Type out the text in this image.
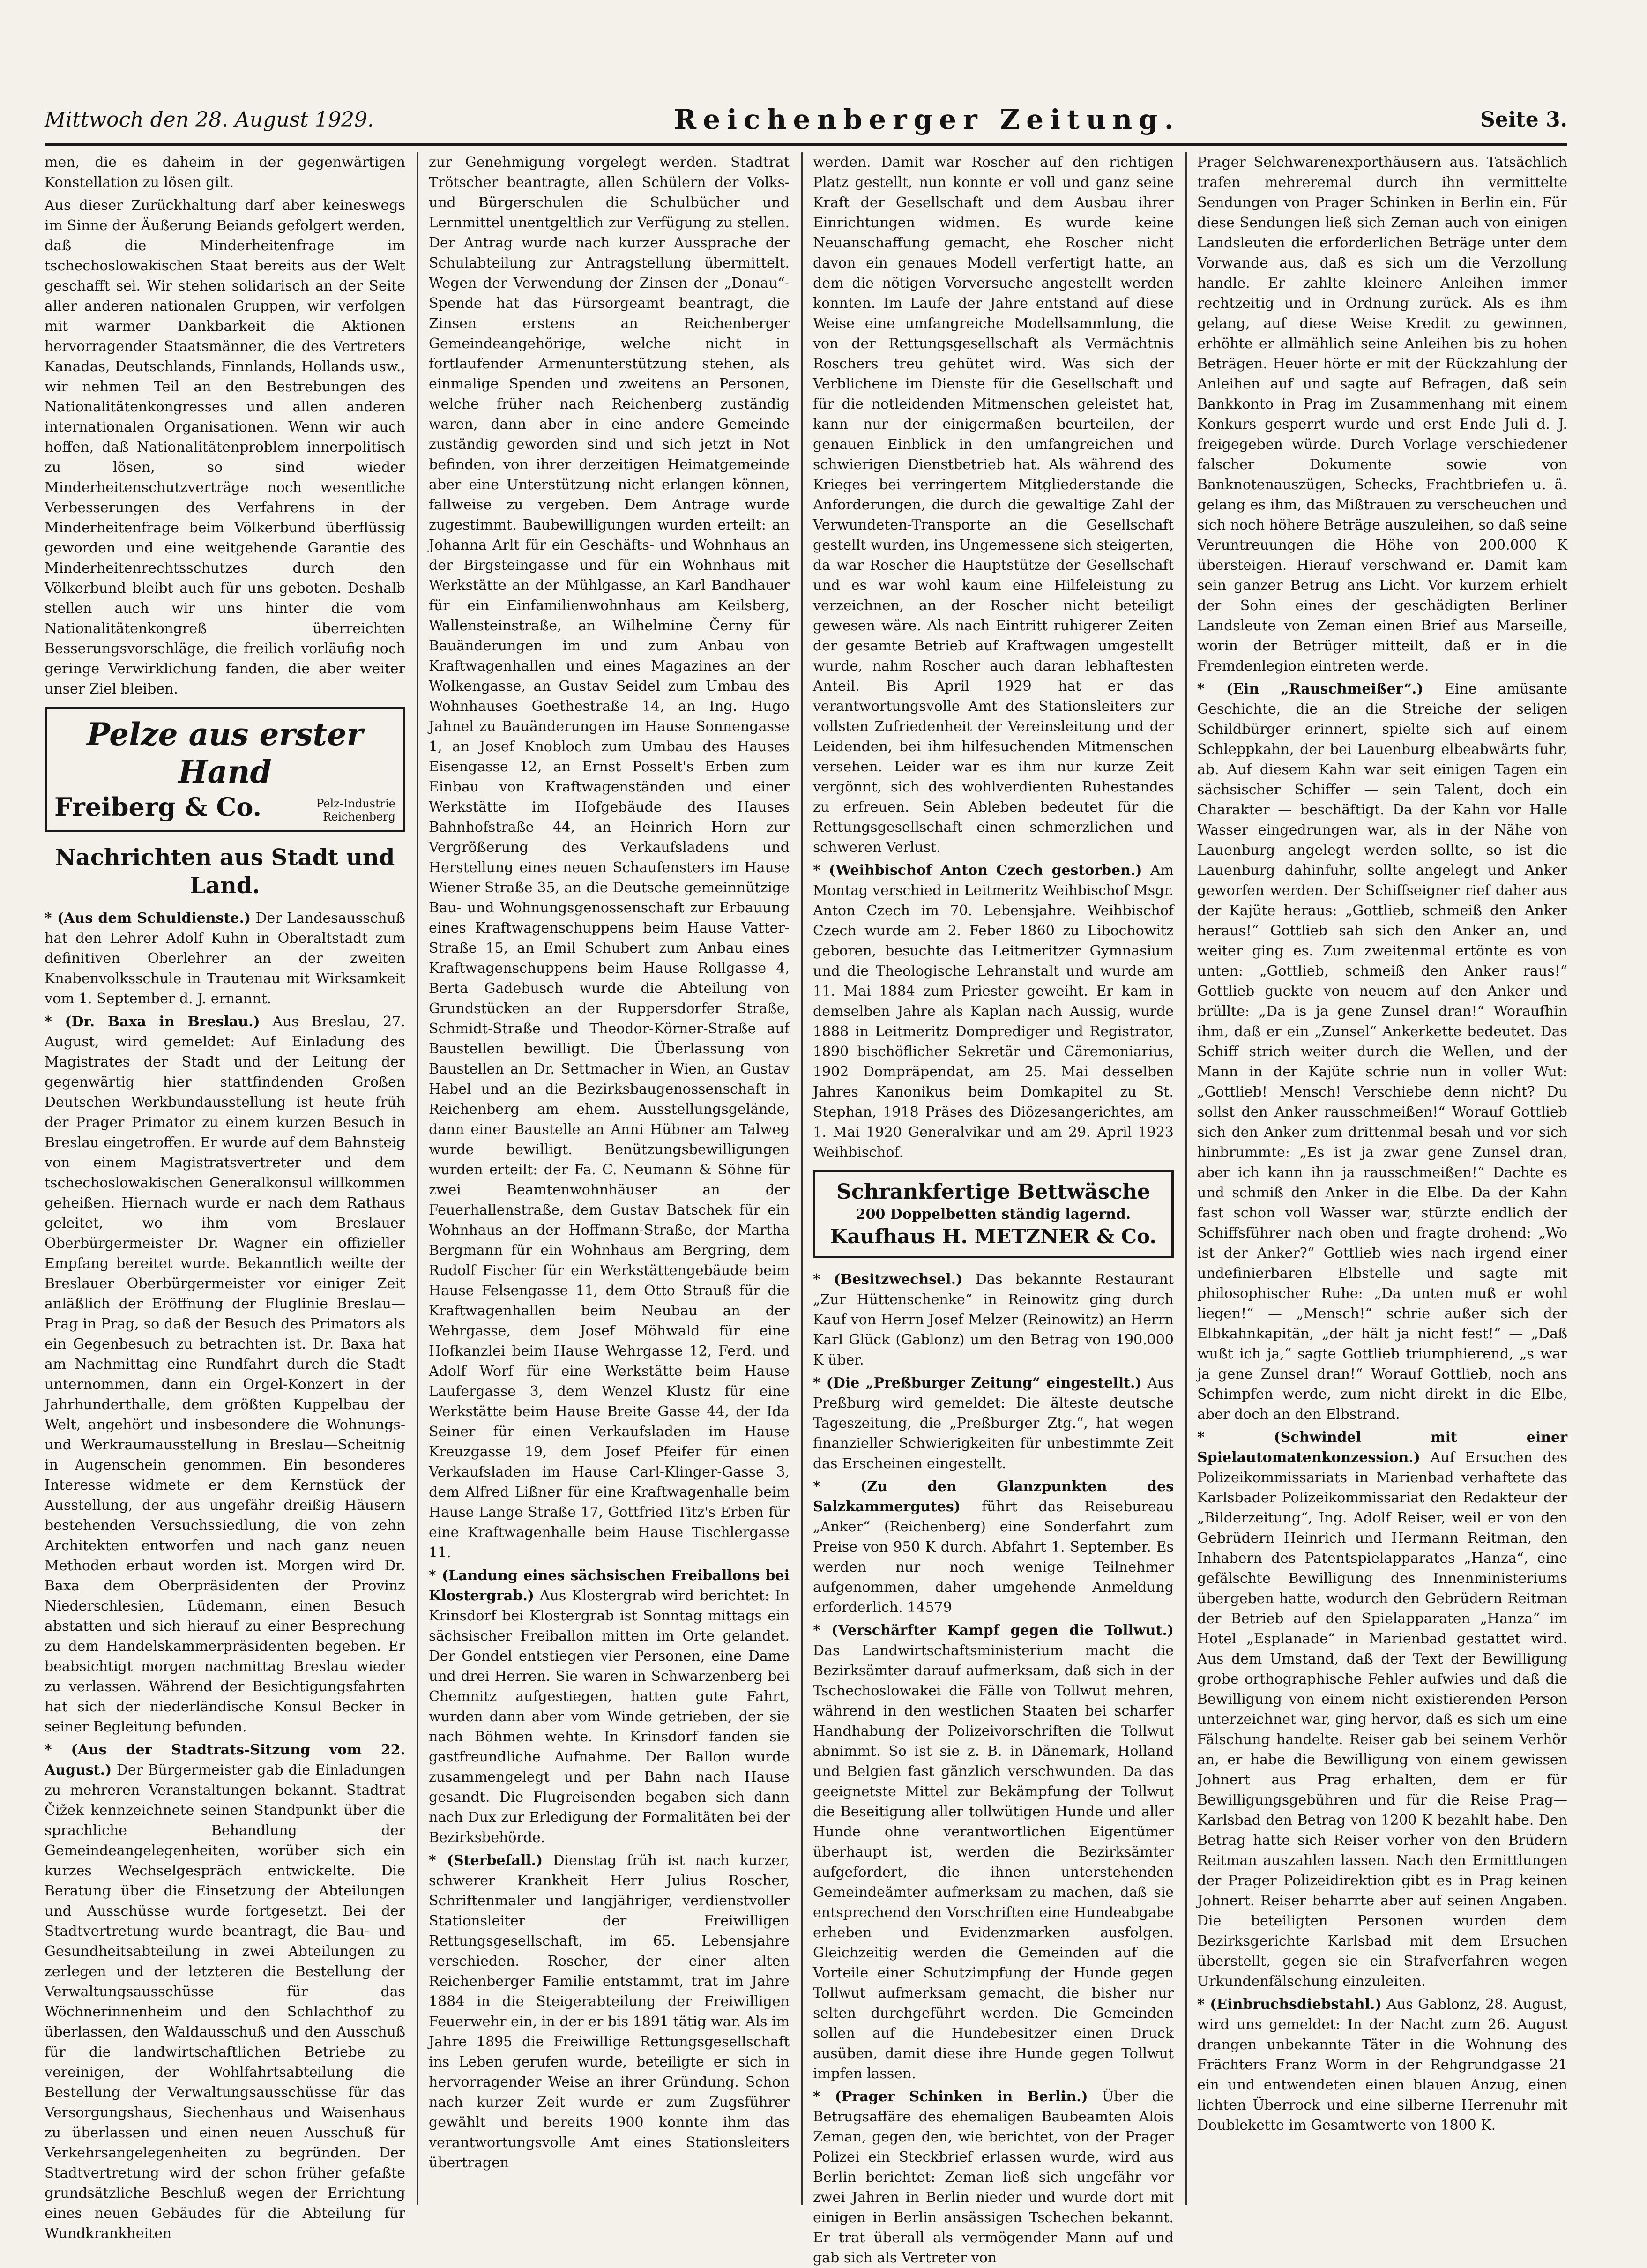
Mittwoch den 28. August 1929.	Reichenberger Zeitung.	Seite 3.

men, die es daheim in der gegenwärtigen Konstellation zu lösen gilt.

Aus dieser Zurückhaltung darf aber keineswegs im Sinne der Äußerung Beiands gefolgert werden, daß die Minderheitenfrage im tschechoslowakischen Staat bereits aus der Welt geschafft sei. Wir stehen solidarisch an der Seite aller anderen nationalen Gruppen, wir verfolgen mit warmer Dankbarkeit die Aktionen hervorragender Staatsmänner, die des Vertreters Kanadas, Deutschlands, Finnlands, Hollands usw., wir nehmen Teil an den Bestrebungen des Nationalitätenkongresses und allen anderen internationalen Organisationen. Wenn wir auch hoffen, daß Nationalitätenproblem innerpolitisch zu lösen, so sind wieder Minderheitenschutzverträge noch wesentliche Verbesserungen des Verfahrens in der Minderheitenfrage beim Völkerbund überflüssig geworden und eine weitgehende Garantie des Minderheitenrechtsschutzes durch den Völkerbund bleibt auch für uns geboten. Deshalb stellen auch wir uns hinter die vom Nationalitätenkongreß überreichten Besserungsvorschläge, die freilich vorläufig noch geringe Verwirklichung fanden, die aber weiter unser Ziel bleiben.

Pelze aus erster Hand
Freiberg & Co.	Pelz-Industrie
Reichenberg
Nachrichten aus Stadt und Land.

* (Aus dem Schuldienste.) Der Landesausschuß hat den Lehrer Adolf Kuhn in Oberaltstadt zum definitiven Oberlehrer an der zweiten Knabenvolksschule in Trautenau mit Wirksamkeit vom 1. September d. J. ernannt.

* (Dr. Baxa in Breslau.) Aus Breslau, 27. August, wird gemeldet: Auf Einladung des Magistrates der Stadt und der Leitung der gegenwärtig hier stattfindenden Großen Deutschen Werkbundausstellung ist heute früh der Prager Primator zu einem kurzen Besuch in Breslau eingetroffen. Er wurde auf dem Bahnsteig von einem Magistratsvertreter und dem tschechoslowakischen Generalkonsul willkommen geheißen. Hiernach wurde er nach dem Rathaus geleitet, wo ihm vom Breslauer Oberbürgermeister Dr. Wagner ein offizieller Empfang bereitet wurde. Bekanntlich weilte der Breslauer Oberbürgermeister vor einiger Zeit anläßlich der Eröffnung der Fluglinie Breslau—Prag in Prag, so daß der Besuch des Primators als ein Gegenbesuch zu betrachten ist. Dr. Baxa hat am Nachmittag eine Rundfahrt durch die Stadt unternommen, dann ein Orgel-Konzert in der Jahrhunderthalle, dem größten Kuppelbau der Welt, angehört und insbesondere die Wohnungs- und Werkraumausstellung in Breslau—Scheitnig in Augenschein genommen. Ein besonderes Interesse widmete er dem Kernstück der Ausstellung, der aus ungefähr dreißig Häusern bestehenden Versuchssiedlung, die von zehn Architekten entworfen und nach ganz neuen Methoden erbaut worden ist. Morgen wird Dr. Baxa dem Oberpräsidenten der Provinz Niederschlesien, Lüdemann, einen Besuch abstatten und sich hierauf zu einer Besprechung zu dem Handelskammerpräsidenten begeben. Er beabsichtigt morgen nachmittag Breslau wieder zu verlassen. Während der Besichtigungsfahrten hat sich der niederländische Konsul Becker in seiner Begleitung befunden.

* (Aus der Stadtrats-Sitzung vom 22. August.) Der Bürgermeister gab die Einladungen zu mehreren Veranstaltungen bekannt. Stadtrat Čižek kennzeichnete seinen Standpunkt über die sprachliche Behandlung der Gemeindeangelegenheiten, worüber sich ein kurzes Wechselgespräch entwickelte. Die Beratung über die Einsetzung der Abteilungen und Ausschüsse wurde fortgesetzt. Bei der Stadtvertretung wurde beantragt, die Bau- und Gesundheitsabteilung in zwei Abteilungen zu zerlegen und der letzteren die Bestellung der Verwaltungsausschüsse für das Wöchnerinnenheim und den Schlachthof zu überlassen, den Waldausschuß und den Ausschuß für die landwirtschaftlichen Betriebe zu vereinigen, der Wohlfahrtsabteilung die Bestellung der Verwaltungsausschüsse für das Versorgungshaus, Siechenhaus und Waisenhaus zu überlassen und einen neuen Ausschuß für Verkehrsangelegenheiten zu begründen. Der Stadtvertretung wird der schon früher gefaßte grundsätzliche Beschluß wegen der Errichtung eines neuen Gebäudes für die Abteilung für Wundkrankheiten

zur Genehmigung vorgelegt werden. Stadtrat Trötscher beantragte, allen Schülern der Volks- und Bürgerschulen die Schulbücher und Lernmittel unentgeltlich zur Verfügung zu stellen. Der Antrag wurde nach kurzer Aussprache der Schulabteilung zur Antragstellung übermittelt. Wegen der Verwendung der Zinsen der „Donau“-Spende hat das Fürsorgeamt beantragt, die Zinsen erstens an Reichenberger Gemeindeangehörige, welche nicht in fortlaufender Armenunterstützung stehen, als einmalige Spenden und zweitens an Personen, welche früher nach Reichenberg zuständig waren, dann aber in eine andere Gemeinde zuständig geworden sind und sich jetzt in Not befinden, von ihrer derzeitigen Heimatgemeinde aber eine Unterstützung nicht erlangen können, fallweise zu vergeben. Dem Antrage wurde zugestimmt. Baubewilligungen wurden erteilt: an Johanna Arlt für ein Geschäfts- und Wohnhaus an der Birgsteingasse und für ein Wohnhaus mit Werkstätte an der Mühlgasse, an Karl Bandhauer für ein Einfamilienwohnhaus am Keilsberg, Wallensteinstraße, an Wilhelmine Černy für Bauänderungen im und zum Anbau von Kraftwagenhallen und eines Magazines an der Wolkengasse, an Gustav Seidel zum Umbau des Wohnhauses Goethestraße 14, an Ing. Hugo Jahnel zu Bauänderungen im Hause Sonnengasse 1, an Josef Knobloch zum Umbau des Hauses Eisengasse 12, an Ernst Posselt's Erben zum Einbau von Kraftwagenständen und einer Werkstätte im Hofgebäude des Hauses Bahnhofstraße 44, an Heinrich Horn zur Vergrößerung des Verkaufsladens und Herstellung eines neuen Schaufensters im Hause Wiener Straße 35, an die Deutsche gemeinnützige Bau- und Wohnungsgenossenschaft zur Erbauung eines Kraftwagenschuppens beim Hause Vatter-Straße 15, an Emil Schubert zum Anbau eines Kraftwagenschuppens beim Hause Rollgasse 4, Berta Gadebusch wurde die Abteilung von Grundstücken an der Ruppersdorfer Straße, Schmidt-Straße und Theodor-Körner-Straße auf Baustellen bewilligt. Die Überlassung von Baustellen an Dr. Settmacher in Wien, an Gustav Habel und an die Bezirksbaugenossenschaft in Reichenberg am ehem. Ausstellungsgelände, dann einer Baustelle an Anni Hübner am Talweg wurde bewilligt. Benützungsbewilligungen wurden erteilt: der Fa. C. Neumann & Söhne für zwei Beamtenwohnhäuser an der Feuerhallenstraße, dem Gustav Batschek für ein Wohnhaus an der Hoffmann-Straße, der Martha Bergmann für ein Wohnhaus am Bergring, dem Rudolf Fischer für ein Werkstättengebäude beim Hause Felsengasse 11, dem Otto Strauß für die Kraftwagenhallen beim Neubau an der Wehrgasse, dem Josef Möhwald für eine Hofkanzlei beim Hause Wehrgasse 12, Ferd. und Adolf Worf für eine Werkstätte beim Hause Laufergasse 3, dem Wenzel Klustz für eine Werkstätte beim Hause Breite Gasse 44, der Ida Seiner für einen Verkaufsladen im Hause Kreuzgasse 19, dem Josef Pfeifer für einen Verkaufsladen im Hause Carl-Klinger-Gasse 3, dem Alfred Lißner für eine Kraftwagenhalle beim Hause Lange Straße 17, Gottfried Titz's Erben für eine Kraftwagenhalle beim Hause Tischlergasse 11.

* (Landung eines sächsischen Freiballons bei Klostergrab.) Aus Klostergrab wird berichtet: In Krinsdorf bei Klostergrab ist Sonntag mittags ein sächsischer Freiballon mitten im Orte gelandet. Der Gondel entstiegen vier Personen, eine Dame und drei Herren. Sie waren in Schwarzenberg bei Chemnitz aufgestiegen, hatten gute Fahrt, wurden dann aber vom Winde getrieben, der sie nach Böhmen wehte. In Krinsdorf fanden sie gastfreundliche Aufnahme. Der Ballon wurde zusammengelegt und per Bahn nach Hause gesandt. Die Flugreisenden begaben sich dann nach Dux zur Erledigung der Formalitäten bei der Bezirksbehörde.

* (Sterbefall.) Dienstag früh ist nach kurzer, schwerer Krankheit Herr Julius Roscher, Schriftenmaler und langjähriger, verdienstvoller Stationsleiter der Freiwilligen Rettungsgesellschaft, im 65. Lebensjahre verschieden. Roscher, der einer alten Reichenberger Familie entstammt, trat im Jahre 1884 in die Steigerabteilung der Freiwilligen Feuerwehr ein, in der er bis 1891 tätig war. Als im Jahre 1895 die Freiwillige Rettungsgesellschaft ins Leben gerufen wurde, beteiligte er sich in hervorragender Weise an ihrer Gründung. Schon nach kurzer Zeit wurde er zum Zugsführer gewählt und bereits 1900 konnte ihm das verantwortungsvolle Amt eines Stationsleiters übertragen

werden. Damit war Roscher auf den richtigen Platz gestellt, nun konnte er voll und ganz seine Kraft der Gesellschaft und dem Ausbau ihrer Einrichtungen widmen. Es wurde keine Neuanschaffung gemacht, ehe Roscher nicht davon ein genaues Modell verfertigt hatte, an dem die nötigen Vorversuche angestellt werden konnten. Im Laufe der Jahre entstand auf diese Weise eine umfangreiche Modellsammlung, die von der Rettungsgesellschaft als Vermächtnis Roschers treu gehütet wird. Was sich der Verblichene im Dienste für die Gesellschaft und für die notleidenden Mitmenschen geleistet hat, kann nur der einigermaßen beurteilen, der genauen Einblick in den umfangreichen und schwierigen Dienstbetrieb hat. Als während des Krieges bei verringertem Mitgliederstande die Anforderungen, die durch die gewaltige Zahl der Verwundeten-Transporte an die Gesellschaft gestellt wurden, ins Ungemessene sich steigerten, da war Roscher die Hauptstütze der Gesellschaft und es war wohl kaum eine Hilfeleistung zu verzeichnen, an der Roscher nicht beteiligt gewesen wäre. Als nach Eintritt ruhigerer Zeiten der gesamte Betrieb auf Kraftwagen umgestellt wurde, nahm Roscher auch daran lebhaftesten Anteil. Bis April 1929 hat er das verantwortungsvolle Amt des Stationsleiters zur vollsten Zufriedenheit der Vereinsleitung und der Leidenden, bei ihm hilfesuchenden Mitmenschen versehen. Leider war es ihm nur kurze Zeit vergönnt, sich des wohlverdienten Ruhestandes zu erfreuen. Sein Ableben bedeutet für die Rettungsgesellschaft einen schmerzlichen und schweren Verlust.

* (Weihbischof Anton Czech gestorben.) Am Montag verschied in Leitmeritz Weihbischof Msgr. Anton Czech im 70. Lebensjahre. Weihbischof Czech wurde am 2. Feber 1860 zu Libochowitz geboren, besuchte das Leitmeritzer Gymnasium und die Theologische Lehranstalt und wurde am 11. Mai 1884 zum Priester geweiht. Er kam in demselben Jahre als Kaplan nach Aussig, wurde 1888 in Leitmeritz Domprediger und Registrator, 1890 bischöflicher Sekretär und Cäremoniarius, 1902 Dompräpendat, am 25. Mai desselben Jahres Kanonikus beim Domkapitel zu St. Stephan, 1918 Präses des Diözesangerichtes, am 1. Mai 1920 Generalvikar und am 29. April 1923 Weihbischof.

Schrankfertige Bettwäsche
200 Doppelbetten ständig lagernd.
Kaufhaus H. METZNER & Co.

* (Besitzwechsel.) Das bekannte Restaurant „Zur Hüttenschenke“ in Reinowitz ging durch Kauf von Herrn Josef Melzer (Reinowitz) an Herrn Karl Glück (Gablonz) um den Betrag von 190.000 K über.

* (Die „Preßburger Zeitung“ eingestellt.) Aus Preßburg wird gemeldet: Die älteste deutsche Tageszeitung, die „Preßburger Ztg.“, hat wegen finanzieller Schwierigkeiten für unbestimmte Zeit das Erscheinen eingestellt.

* (Zu den Glanzpunkten des Salzkammergutes) führt das Reisebureau „Anker“ (Reichenberg) eine Sonderfahrt zum Preise von 950 K durch. Abfahrt 1. September. Es werden nur noch wenige Teilnehmer aufgenommen, daher umgehende Anmeldung erforderlich. 14579

* (Verschärfter Kampf gegen die Tollwut.) Das Landwirtschaftsministerium macht die Bezirksämter darauf aufmerksam, daß sich in der Tschechoslowakei die Fälle von Tollwut mehren, während in den westlichen Staaten bei scharfer Handhabung der Polizeivorschriften die Tollwut abnimmt. So ist sie z. B. in Dänemark, Holland und Belgien fast gänzlich verschwunden. Da das geeignetste Mittel zur Bekämpfung der Tollwut die Beseitigung aller tollwütigen Hunde und aller Hunde ohne verantwortlichen Eigentümer überhaupt ist, werden die Bezirksämter aufgefordert, die ihnen unterstehenden Gemeindeämter aufmerksam zu machen, daß sie entsprechend den Vorschriften eine Hundeabgabe erheben und Evidenzmarken ausfolgen. Gleichzeitig werden die Gemeinden auf die Vorteile einer Schutzimpfung der Hunde gegen Tollwut aufmerksam gemacht, die bisher nur selten durchgeführt werden. Die Gemeinden sollen auf die Hundebesitzer einen Druck ausüben, damit diese ihre Hunde gegen Tollwut impfen lassen.

* (Prager Schinken in Berlin.) Über die Betrugsaffäre des ehemaligen Baubeamten Alois Zeman, gegen den, wie berichtet, von der Prager Polizei ein Steckbrief erlassen wurde, wird aus Berlin berichtet: Zeman ließ sich ungefähr vor zwei Jahren in Berlin nieder und wurde dort mit einigen in Berlin ansässigen Tschechen bekannt. Er trat überall als vermögender Mann auf und gab sich als Vertreter von

Prager Selchwarenexporthäusern aus. Tatsächlich trafen mehreremal durch ihn vermittelte Sendungen von Prager Schinken in Berlin ein. Für diese Sendungen ließ sich Zeman auch von einigen Landsleuten die erforderlichen Beträge unter dem Vorwande aus, daß es sich um die Verzollung handle. Er zahlte kleinere Anleihen immer rechtzeitig und in Ordnung zurück. Als es ihm gelang, auf diese Weise Kredit zu gewinnen, erhöhte er allmählich seine Anleihen bis zu hohen Beträgen. Heuer hörte er mit der Rückzahlung der Anleihen auf und sagte auf Befragen, daß sein Bankkonto in Prag im Zusammenhang mit einem Konkurs gesperrt wurde und erst Ende Juli d. J. freigegeben würde. Durch Vorlage verschiedener falscher Dokumente sowie von Banknotenauszügen, Schecks, Frachtbriefen u. ä. gelang es ihm, das Mißtrauen zu verscheuchen und sich noch höhere Beträge auszuleihen, so daß seine Veruntreuungen die Höhe von 200.000 K übersteigen. Hierauf verschwand er. Damit kam sein ganzer Betrug ans Licht. Vor kurzem erhielt der Sohn eines der geschädigten Berliner Landsleute von Zeman einen Brief aus Marseille, worin der Betrüger mitteilt, daß er in die Fremdenlegion eintreten werde.

* (Ein „Rauschmeißer“.) Eine amüsante Geschichte, die an die Streiche der seligen Schildbürger erinnert, spielte sich auf einem Schleppkahn, der bei Lauenburg elbeabwärts fuhr, ab. Auf diesem Kahn war seit einigen Tagen ein sächsischer Schiffer — sein Talent, doch ein Charakter — beschäftigt. Da der Kahn vor Halle Wasser eingedrungen war, als in der Nähe von Lauenburg angelegt werden sollte, so ist die Lauenburg dahinfuhr, sollte angelegt und Anker geworfen werden. Der Schiffseigner rief daher aus der Kajüte heraus: „Gottlieb, schmeiß den Anker heraus!“ Gottlieb sah sich den Anker an, und weiter ging es. Zum zweitenmal ertönte es von unten: „Gottlieb, schmeiß den Anker raus!“ Gottlieb guckte von neuem auf den Anker und brüllte: „Da is ja gene Zunsel dran!“ Woraufhin ihm, daß er ein „Zunsel“ Ankerkette bedeutet. Das Schiff strich weiter durch die Wellen, und der Mann in der Kajüte schrie nun in voller Wut: „Gottlieb! Mensch! Verschiebe denn nicht? Du sollst den Anker rausschmeißen!“ Worauf Gottlieb sich den Anker zum drittenmal besah und vor sich hinbrummte: „Es ist ja zwar gene Zunsel dran, aber ich kann ihn ja rausschmeißen!“ Dachte es und schmiß den Anker in die Elbe. Da der Kahn fast schon voll Wasser war, stürzte endlich der Schiffsführer nach oben und fragte drohend: „Wo ist der Anker?“ Gottlieb wies nach irgend einer undefinierbaren Elbstelle und sagte mit philosophischer Ruhe: „Da unten muß er wohl liegen!“ — „Mensch!“ schrie außer sich der Elbkahnkapitän, „der hält ja nicht fest!“ — „Daß wußt ich ja,“ sagte Gottlieb triumphierend, „s war ja gene Zunsel dran!“ Worauf Gottlieb, noch ans Schimpfen werde, zum nicht direkt in die Elbe, aber doch an den Elbstrand.

* (Schwindel mit einer Spielautomatenkonzession.) Auf Ersuchen des Polizeikommissariats in Marienbad verhaftete das Karlsbader Polizeikommissariat den Redakteur der „Bilderzeitung“, Ing. Adolf Reiser, weil er von den Gebrüdern Heinrich und Hermann Reitman, den Inhabern des Patentspielapparates „Hanza“, eine gefälschte Bewilligung des Innenministeriums übergeben hatte, wodurch den Gebrüdern Reitman der Betrieb auf den Spielapparaten „Hanza“ im Hotel „Esplanade“ in Marienbad gestattet wird. Aus dem Umstand, daß der Text der Bewilligung grobe orthographische Fehler aufwies und daß die Bewilligung von einem nicht existierenden Person unterzeichnet war, ging hervor, daß es sich um eine Fälschung handelte. Reiser gab bei seinem Verhör an, er habe die Bewilligung von einem gewissen Johnert aus Prag erhalten, dem er für Bewilligungsgebühren und für die Reise Prag—Karlsbad den Betrag von 1200 K bezahlt habe. Den Betrag hatte sich Reiser vorher von den Brüdern Reitman auszahlen lassen. Nach den Ermittlungen der Prager Polizeidirektion gibt es in Prag keinen Johnert. Reiser beharrte aber auf seinen Angaben. Die beteiligten Personen wurden dem Bezirksgerichte Karlsbad mit dem Ersuchen überstellt, gegen sie ein Strafverfahren wegen Urkundenfälschung einzuleiten.

* (Einbruchsdiebstahl.) Aus Gablonz, 28. August, wird uns gemeldet: In der Nacht zum 26. August drangen unbekannte Täter in die Wohnung des Frächters Franz Worm in der Rehgrundgasse 21 ein und entwendeten einen blauen Anzug, einen lichten Überrock und eine silberne Herrenuhr mit Doublekette im Gesamtwerte von 1800 K.
